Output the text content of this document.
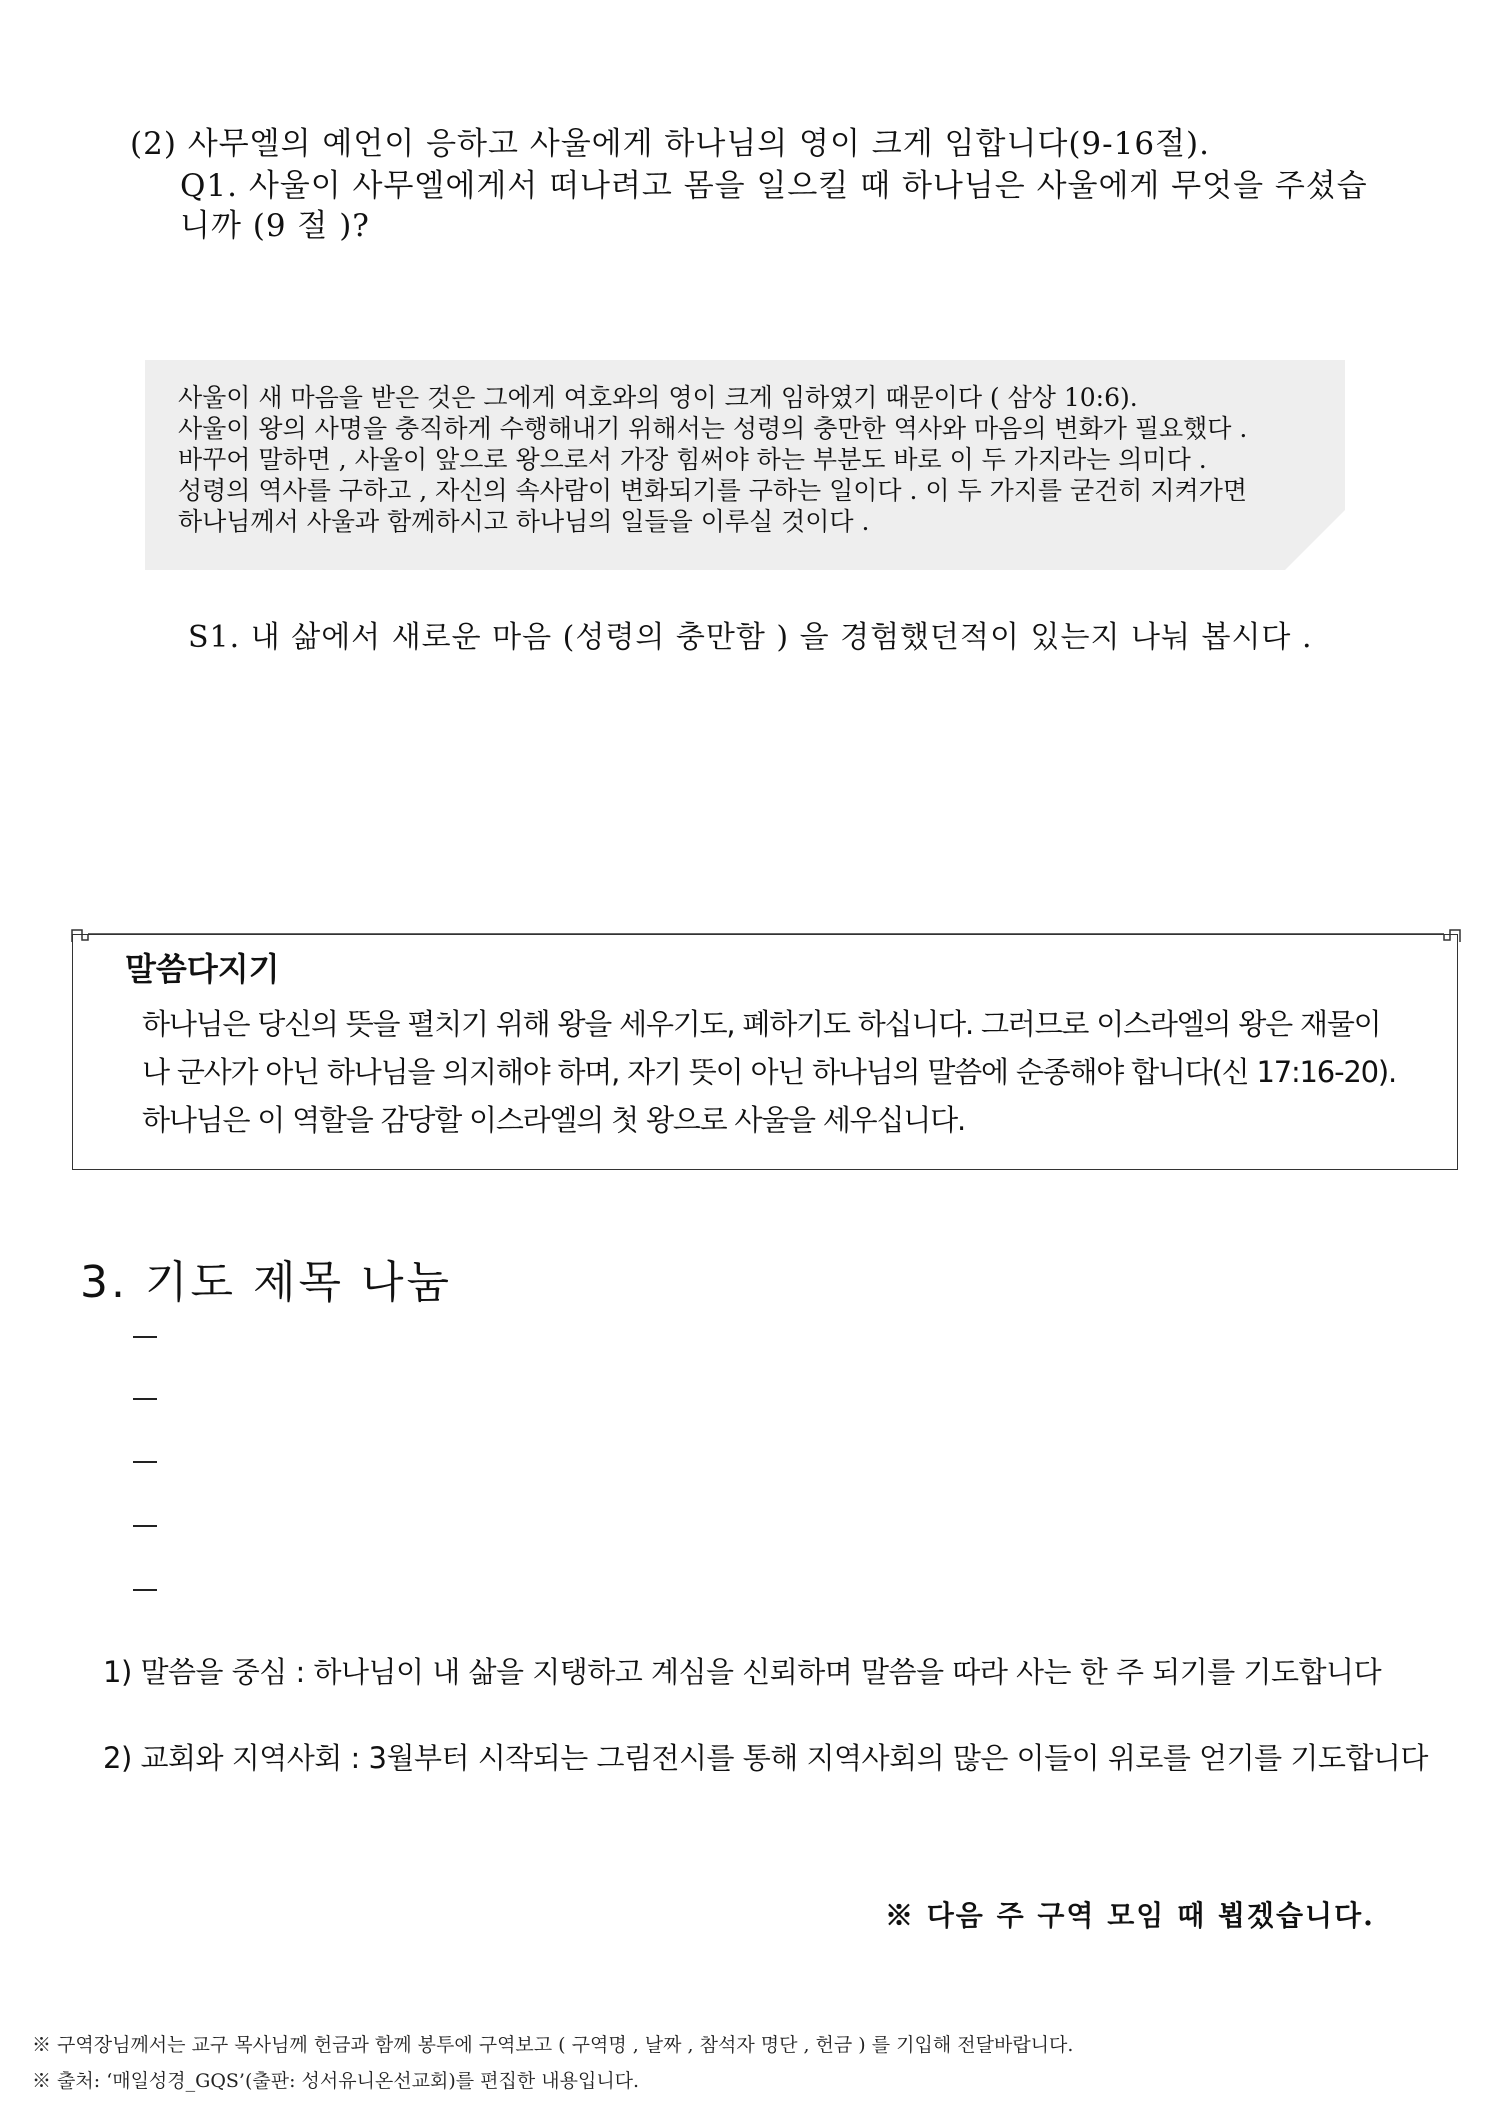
(2) 사무엘의 예언이 응하고 사울에게 하나님의 영이 크게 임합니다(9-16절).
Q1. 사울이 사무엘에게서 떠나려고 몸을 일으킬 때 하나님은 사울에게 무엇을 주셨습니까 (9 절 )?
사울이 새 마음을 받은 것은 그에게 여호와의 영이 크게 임하였기 때문이다 ( 삼상 10:6).
사울이 왕의 사명을 충직하게 수행해내기 위해서는 성령의 충만한 역사와 마음의 변화가 필요했다 .
바꾸어 말하면 , 사울이 앞으로 왕으로서 가장 힘써야 하는 부분도 바로 이 두 가지라는 의미다 .
성령의 역사를 구하고 , 자신의 속사람이 변화되기를 구하는 일이다 . 이 두 가지를 굳건히 지켜가면
하나님께서 사울과 함께하시고 하나님의 일들을 이루실 것이다 .
S1. 내 삶에서 새로운 마음 (성령의 충만함 ) 을 경험했던적이 있는지 나눠 봅시다 .
말씀다지기
하나님은 당신의 뜻을 펼치기 위해 왕을 세우기도, 폐하기도 하십니다. 그러므로 이스라엘의 왕은 재물이
나 군사가 아닌 하나님을 의지해야 하며, 자기 뜻이 아닌 하나님의 말씀에 순종해야 합니다(신 17:16-20).
하나님은 이 역할을 감당할 이스라엘의 첫 왕으로 사울을 세우십니다.
3. 기도 제목 나눔
1) 말씀을 중심 : 하나님이 내 삶을 지탱하고 계심을 신뢰하며 말씀을 따라 사는 한 주 되기를 기도합니다
2) 교회와 지역사회 : 3월부터 시작되는 그림전시를 통해 지역사회의 많은 이들이 위로를 얻기를 기도합니다
※ 다음 주 구역 모임 때 뵙겠습니다.
※ 구역장님께서는 교구 목사님께 헌금과 함께 봉투에 구역보고 ( 구역명 , 날짜 , 참석자 명단 , 헌금 ) 를 기입해 전달바랍니다.
※ 출처: ‘매일성경_GQS’(출판: 성서유니온선교회)를 편집한 내용입니다.
